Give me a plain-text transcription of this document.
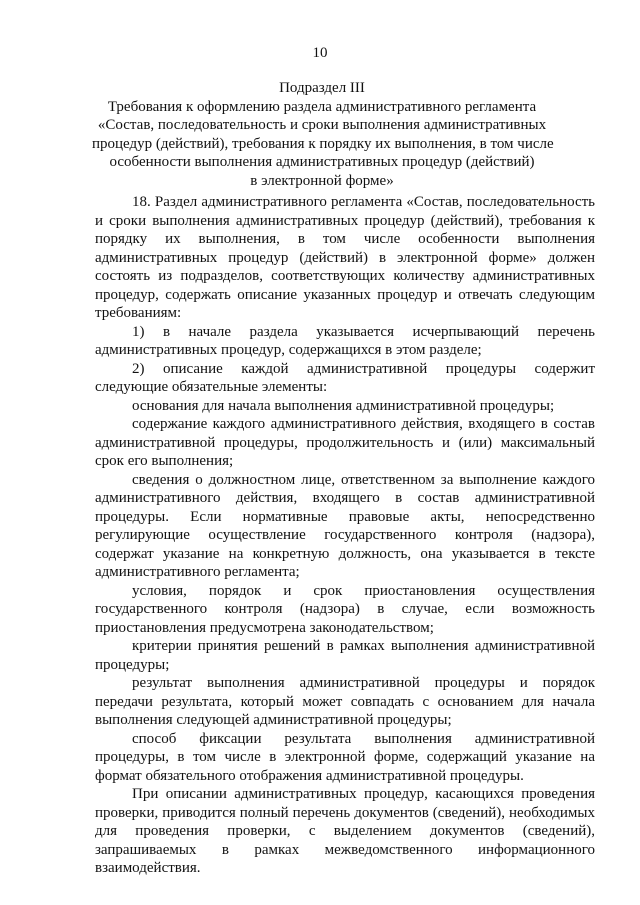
10
Подраздел III
Требования к оформлению раздела административного регламента
«Состав, последовательность и сроки выполнения административных
процедур (действий), требования к порядку их выполнения, в том числе
особенности выполнения административных процедур (действий)
в электронной форме»

18. Раздел административного регламента «Состав, последовательность и сроки выполнения административных процедур (действий), требования к порядку их выполнения, в том числе особенности выполнения административных процедур (действий) в электронной форме» должен состоять из подразделов, соответствующих количеству административных процедур, содержать описание указанных процедур и отвечать следующим требованиям:

1) в начале раздела указывается исчерпывающий перечень административных процедур, содержащихся в этом разделе;

2) описание каждой административной процедуры содержит следующие обязательные элементы:

основания для начала выполнения административной процедуры;

содержание каждого административного действия, входящего в состав административной процедуры, продолжительность и (или) максимальный срок его выполнения;

сведения о должностном лице, ответственном за выполнение каждого административного действия, входящего в состав административной процедуры. Если нормативные правовые акты, непосредственно регулирующие осуществление государственного контроля (надзора), содержат указание на конкретную должность, она указывается в тексте административного регламента;

условия, порядок и срок приостановления осуществления государственного контроля (надзора) в случае, если возможность приостановления предусмотрена законодательством;

критерии принятия решений в рамках выполнения административной процедуры;

результат выполнения административной процедуры и порядок передачи результата, который может совпадать с основанием для начала выполнения следующей административной процедуры;

способ фиксации результата выполнения административной процедуры, в том числе в электронной форме, содержащий указание на формат обязательного отображения административной процедуры.

При описании административных процедур, касающихся проведения проверки, приводится полный перечень документов (сведений), необходимых для проведения проверки, с выделением документов (сведений), запрашиваемых в рамках межведомственного информационного взаимодействия.
